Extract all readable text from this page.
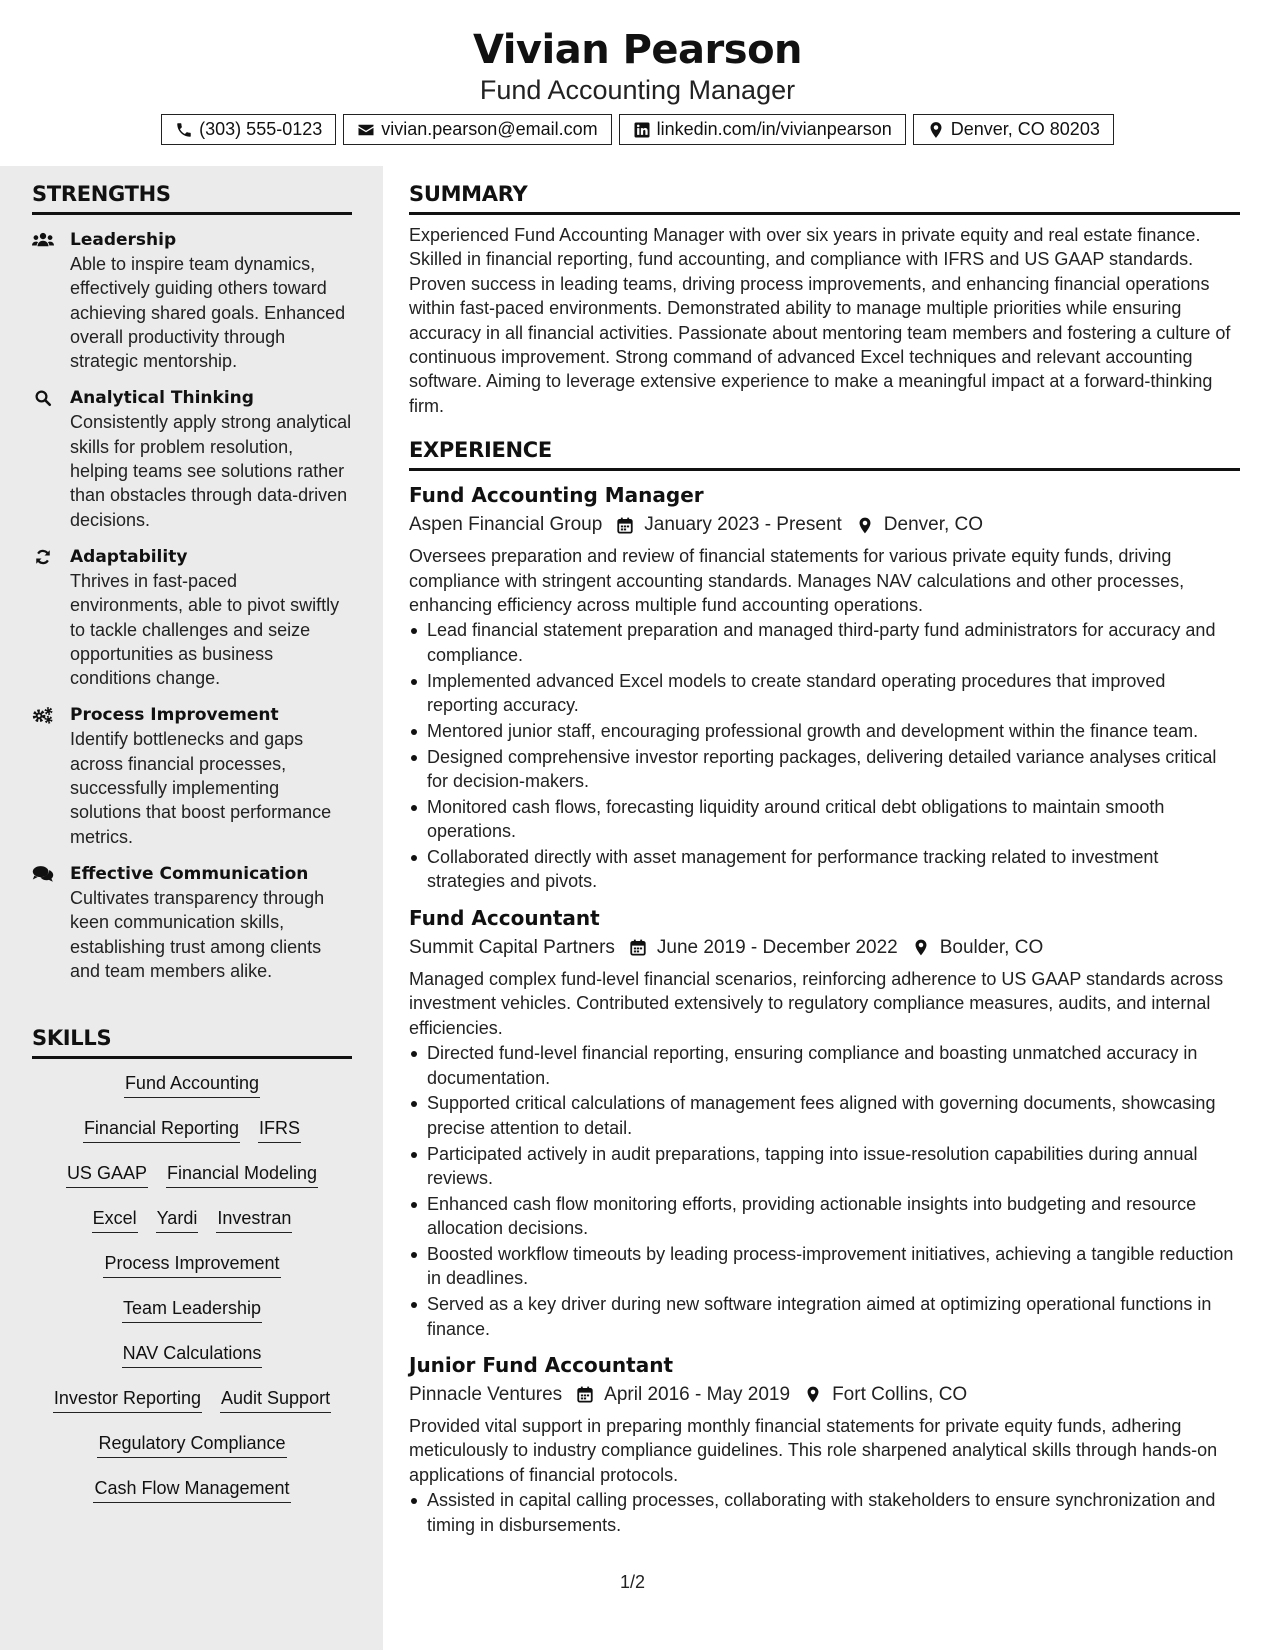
Vivian Pearson
Fund Accounting Manager
(303) 555-0123	vivian.pearson@email.com	linkedin.com/in/vivianpearson	Denver, CO 80203
STRENGTHS
Leadership
Able to inspire team dynamics, effectively guiding others toward achieving shared goals. Enhanced overall productivity through strategic mentorship.
Analytical Thinking
Consistently apply strong analytical skills for problem resolution, helping teams see solutions rather than obstacles through data-driven decisions.
Adaptability
Thrives in fast-paced environments, able to pivot swiftly to tackle challenges and seize opportunities as business conditions change.
Process Improvement
Identify bottlenecks and gaps across financial processes, successfully implementing solutions that boost performance metrics.
Effective Communication
Cultivates transparency through keen communication skills, establishing trust among clients and team members alike.
SKILLS
Fund Accounting
Financial Reporting IFRS
US GAAP Financial Modeling
Excel Yardi Investran
Process Improvement
Team Leadership
NAV Calculations
Investor Reporting Audit Support
Regulatory Compliance
Cash Flow Management
SUMMARY
Experienced Fund Accounting Manager with over six years in private equity and real estate finance. Skilled in financial reporting, fund accounting, and compliance with IFRS and US GAAP standards. Proven success in leading teams, driving process improvements, and enhancing financial operations within fast-paced environments. Demonstrated ability to manage multiple priorities while ensuring accuracy in all financial activities. Passionate about mentoring team members and fostering a culture of continuous improvement. Strong command of advanced Excel techniques and relevant accounting software. Aiming to leverage extensive experience to make a meaningful impact at a forward-thinking firm.
EXPERIENCE
Fund Accounting Manager
Aspen Financial Group January 2023 - Present Denver, CO
Oversees preparation and review of financial statements for various private equity funds, driving compliance with stringent accounting standards. Manages NAV calculations and other processes, enhancing efficiency across multiple fund accounting operations.
Lead financial statement preparation and managed third-party fund administrators for accuracy and compliance.
Implemented advanced Excel models to create standard operating procedures that improved reporting accuracy.
Mentored junior staff, encouraging professional growth and development within the finance team.
Designed comprehensive investor reporting packages, delivering detailed variance analyses critical for decision-makers.
Monitored cash flows, forecasting liquidity around critical debt obligations to maintain smooth operations.
Collaborated directly with asset management for performance tracking related to investment strategies and pivots.
Fund Accountant
Summit Capital Partners June 2019 - December 2022 Boulder, CO
Managed complex fund-level financial scenarios, reinforcing adherence to US GAAP standards across investment vehicles. Contributed extensively to regulatory compliance measures, audits, and internal efficiencies.
Directed fund-level financial reporting, ensuring compliance and boasting unmatched accuracy in documentation.
Supported critical calculations of management fees aligned with governing documents, showcasing precise attention to detail.
Participated actively in audit preparations, tapping into issue-resolution capabilities during annual reviews.
Enhanced cash flow monitoring efforts, providing actionable insights into budgeting and resource allocation decisions.
Boosted workflow timeouts by leading process-improvement initiatives, achieving a tangible reduction in deadlines.
Served as a key driver during new software integration aimed at optimizing operational functions in finance.
Junior Fund Accountant
Pinnacle Ventures April 2016 - May 2019 Fort Collins, CO
Provided vital support in preparing monthly financial statements for private equity funds, adhering meticulously to industry compliance guidelines. This role sharpened analytical skills through hands-on applications of financial protocols.
Assisted in capital calling processes, collaborating with stakeholders to ensure synchronization and timing in disbursements.
1/2
